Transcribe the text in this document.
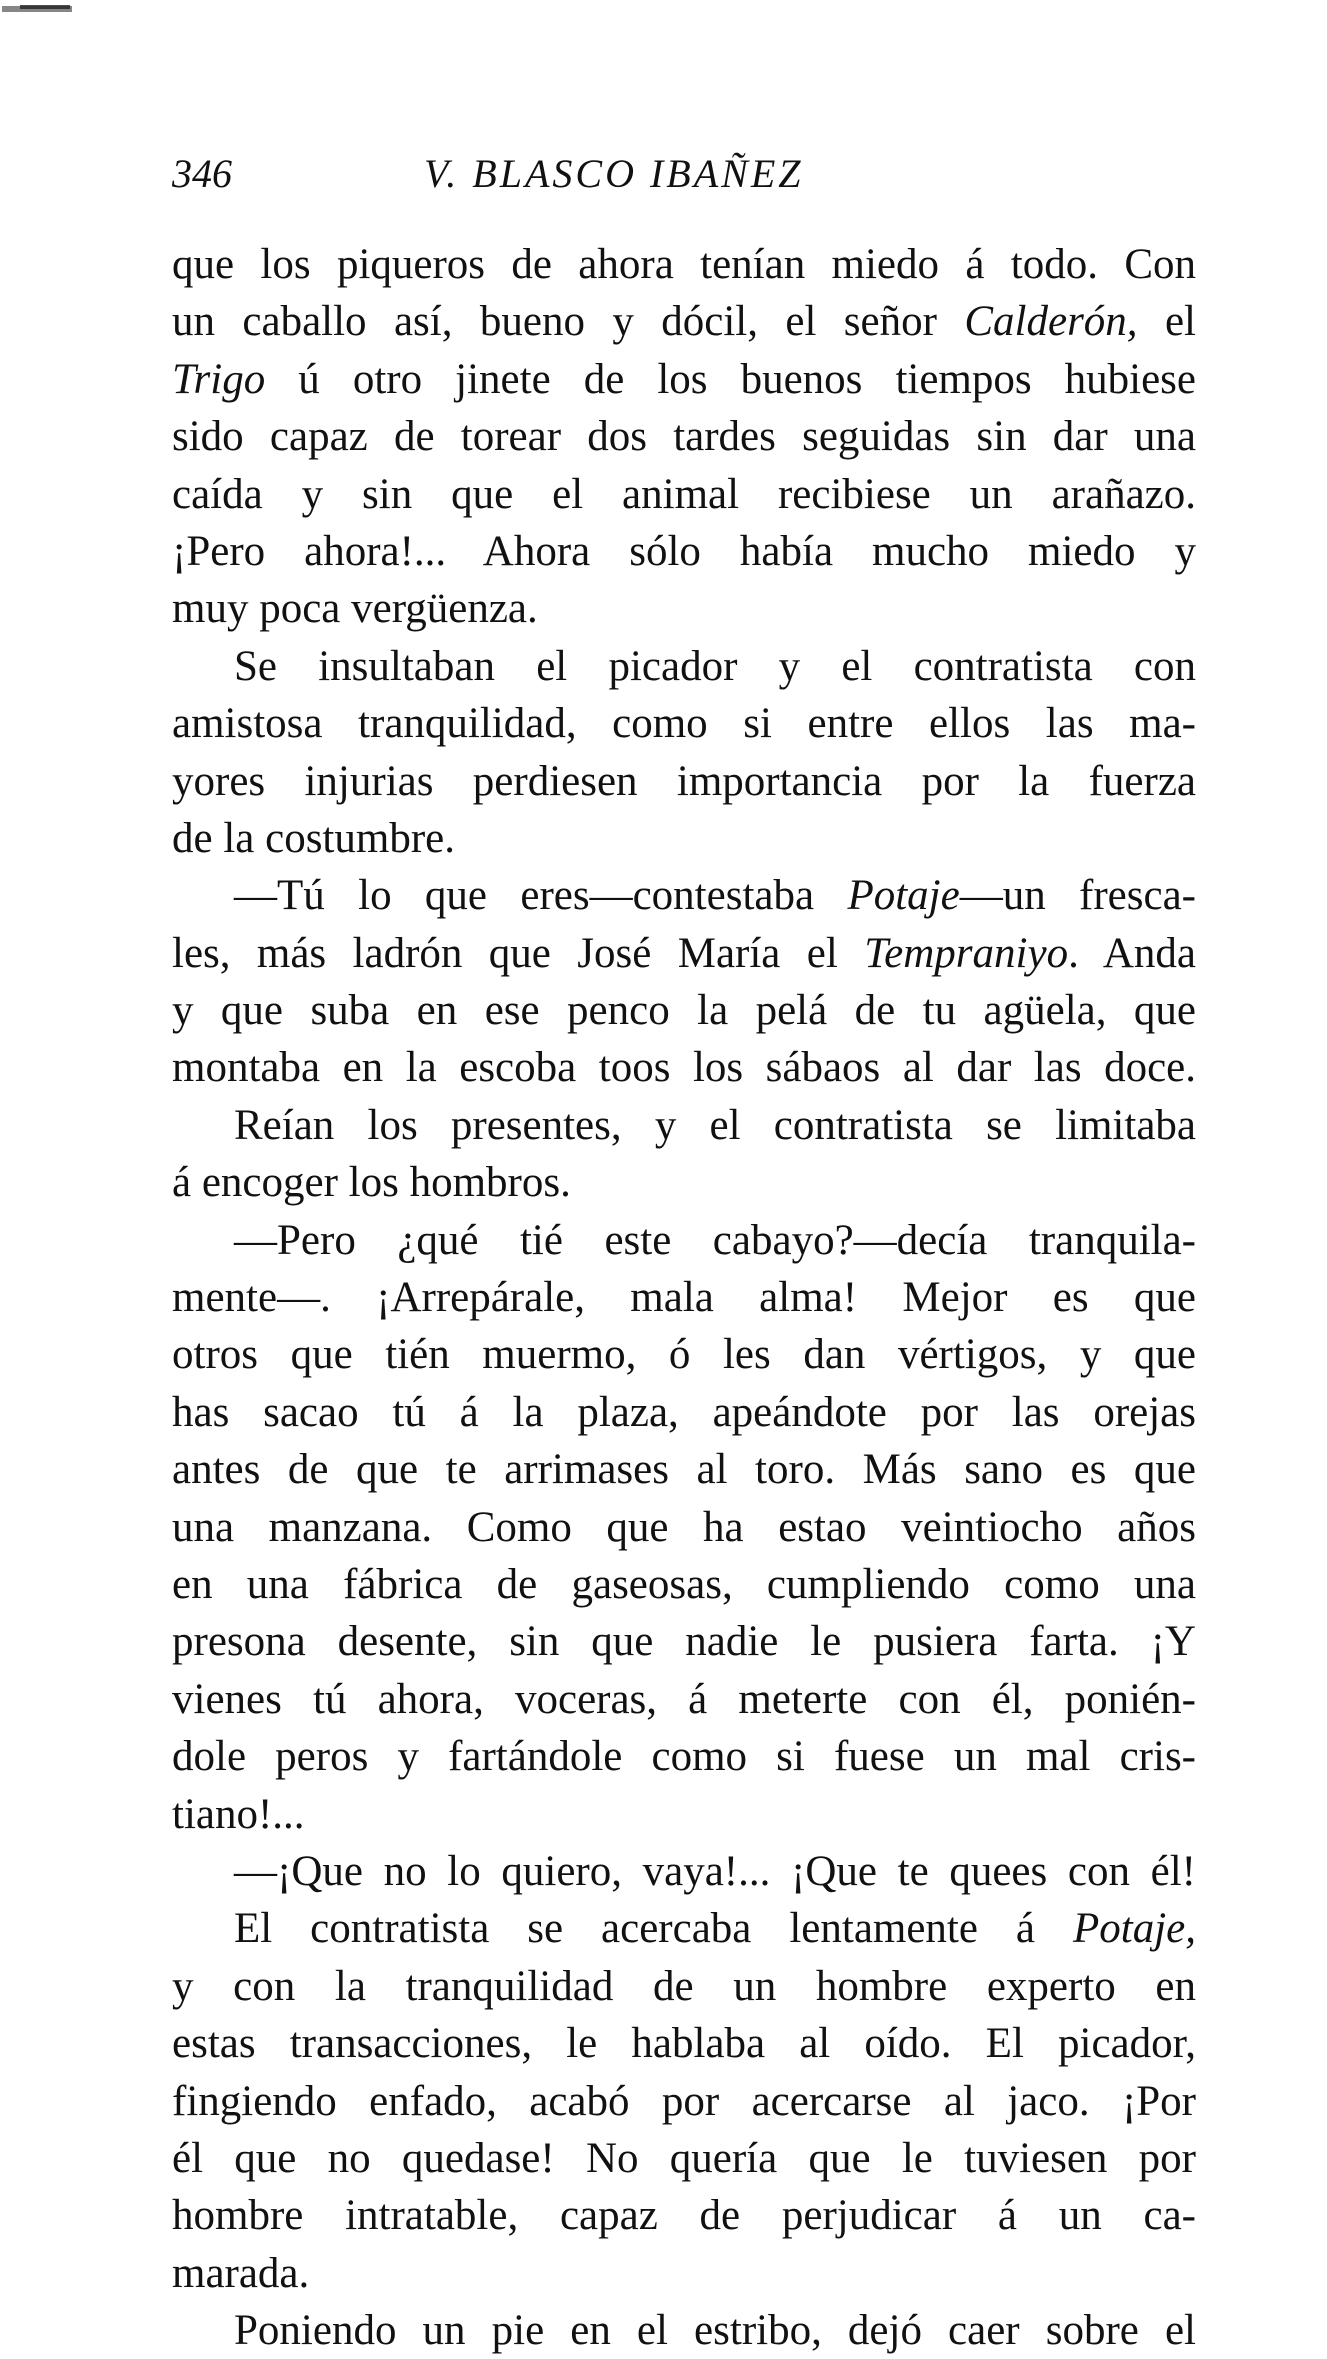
346	V. BLASCO IBAÑEZ
que los piqueros de ahora tenían miedo á todo. Con
un caballo así, bueno y dócil, el señor Calderón, el
Trigo ú otro jinete de los buenos tiempos hubiese
sido capaz de torear dos tardes seguidas sin dar una
caída y sin que el animal recibiese un arañazo.
¡Pero ahora!... Ahora sólo había mucho miedo y
muy poca vergüenza.
Se insultaban el picador y el contratista con
amistosa tranquilidad, como si entre ellos las ma-
yores injurias perdiesen importancia por la fuerza
de la costumbre.
—Tú lo que eres—contestaba Potaje—un fresca-
les, más ladrón que José María el Tempraniyo. Anda
y que suba en ese penco la pelá de tu agüela, que
montaba en la escoba toos los sábaos al dar las doce.
Reían los presentes, y el contratista se limitaba
á encoger los hombros.
—Pero ¿qué tié este cabayo?—decía tranquila-
mente—. ¡Arrepárale, mala alma! Mejor es que
otros que tién muermo, ó les dan vértigos, y que
has sacao tú á la plaza, apeándote por las orejas
antes de que te arrimases al toro. Más sano es que
una manzana. Como que ha estao veintiocho años
en una fábrica de gaseosas, cumpliendo como una
presona desente, sin que nadie le pusiera farta. ¡Y
vienes tú ahora, voceras, á meterte con él, ponién-
dole peros y fartándole como si fuese un mal cris-
tiano!...
—¡Que no lo quiero, vaya!... ¡Que te quees con él!
El contratista se acercaba lentamente á Potaje,
y con la tranquilidad de un hombre experto en
estas transacciones, le hablaba al oído. El picador,
fingiendo enfado, acabó por acercarse al jaco. ¡Por
él que no quedase! No quería que le tuviesen por
hombre intratable, capaz de perjudicar á un ca-
marada.
Poniendo un pie en el estribo, dejó caer sobre el
